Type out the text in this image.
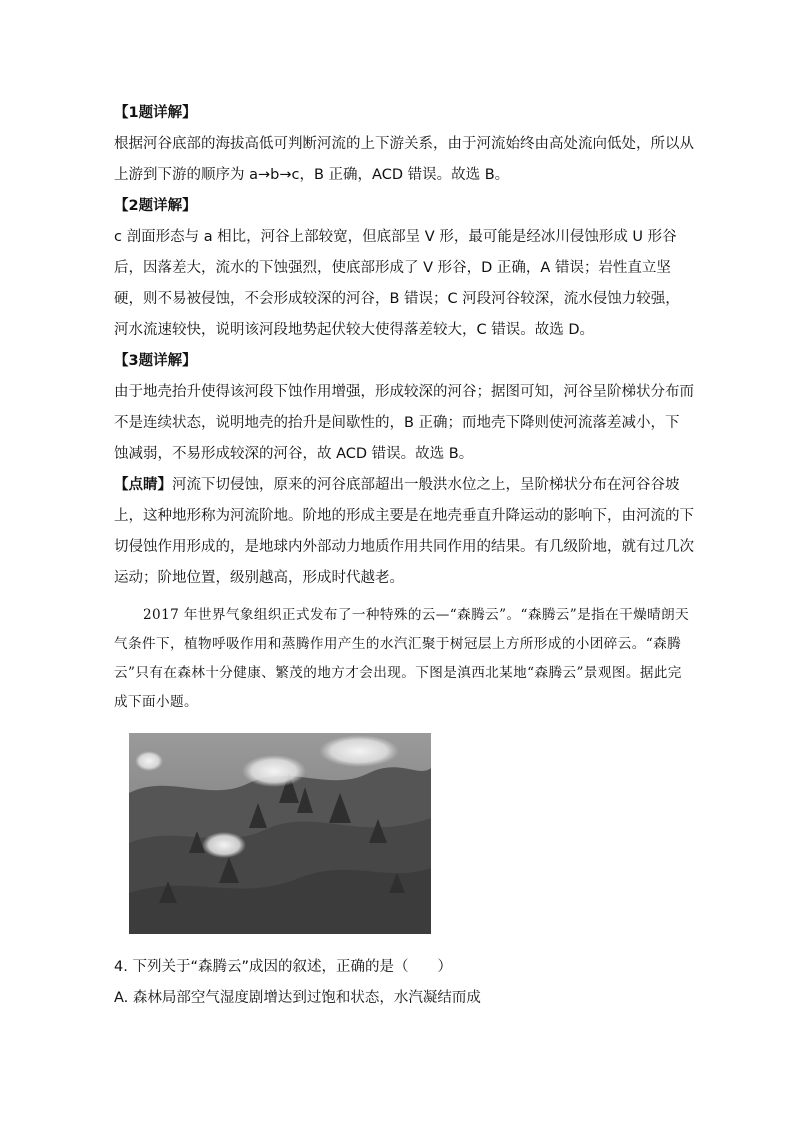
【1题详解】

根据河谷底部的海拔高低可判断河流的上下游关系，由于河流始终由高处流向低处，所以从上游到下游的顺序为 a→b→c，B 正确，ACD 错误。故选 B。

【2题详解】

c 剖面形态与 a 相比，河谷上部较宽，但底部呈 V 形，最可能是经冰川侵蚀形成 U 形谷后，因落差大，流水的下蚀强烈，使底部形成了 V 形谷，D 正确，A 错误；岩性直立坚硬，则不易被侵蚀，不会形成较深的河谷，B 错误；C 河段河谷较深，流水侵蚀力较强，河水流速较快，说明该河段地势起伏较大使得落差较大，C 错误。故选 D。

【3题详解】

由于地壳抬升使得该河段下蚀作用增强，形成较深的河谷；据图可知，河谷呈阶梯状分布而不是连续状态，说明地壳的抬升是间歇性的，B 正确；而地壳下降则使河流落差减小，下蚀减弱，不易形成较深的河谷，故 ACD 错误。故选 B。

【点睛】河流下切侵蚀，原来的河谷底部超出一般洪水位之上，呈阶梯状分布在河谷谷坡上，这种地形称为河流阶地。阶地的形成主要是在地壳垂直升降运动的影响下，由河流的下切侵蚀作用形成的，是地球内外部动力地质作用共同作用的结果。有几级阶地，就有过几次运动；阶地位置，级别越高，形成时代越老。

2017 年世界气象组织正式发布了一种特殊的云—“森腾云”。“森腾云”是指在干燥晴朗天气条件下，植物呼吸作用和蒸腾作用产生的水汽汇聚于树冠层上方所形成的小团碎云。“森腾云”只有在森林十分健康、繁茂的地方才会出现。下图是滇西北某地“森腾云”景观图。据此完成下面小题。

4. 下列关于“森腾云”成因的叙述，正确的是（　　）

A. 森林局部空气湿度剧增达到过饱和状态，水汽凝结而成
